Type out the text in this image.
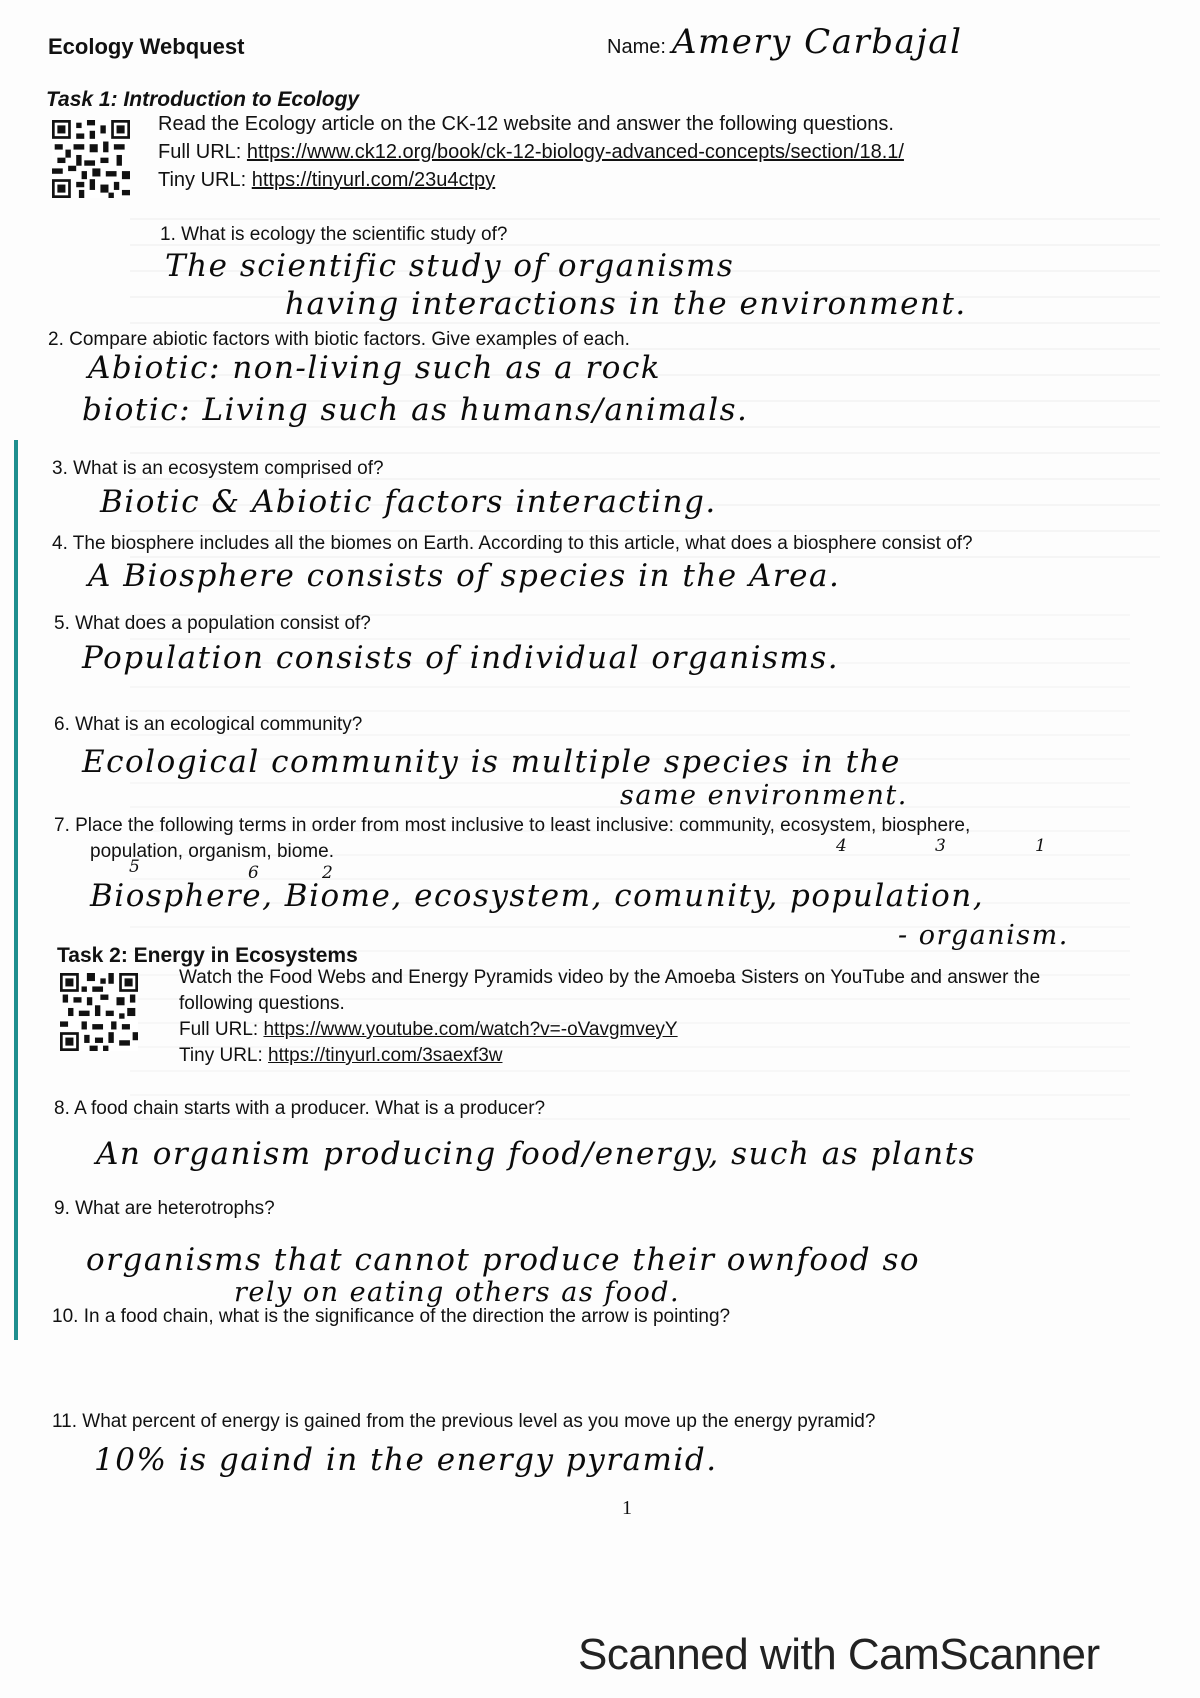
Ecology Webquest	Name: Amery Carbajal
Task 1: Introduction to Ecology
Read the Ecology article on the CK-12 website and answer the following questions.
Full URL: https://www.ck12.org/book/ck-12-biology-advanced-concepts/section/18.1/
Tiny URL: https://tinyurl.com/23u4ctpy
1. What is ecology the scientific study of?
The scientific study of organisms
having interactions in the environment.
2. Compare abiotic factors with biotic factors. Give examples of each.
Abiotic: non-living such as a rock
biotic: Living such as humans/animals.
3. What is an ecosystem comprised of?
Biotic & Abiotic factors interacting.
4. The biosphere includes all the biomes on Earth. According to this article, what does a biosphere consist of?
A Biosphere consists of species in the Area.
5. What does a population consist of?
Population consists of individual organisms.
6. What is an ecological community?
Ecological community is multiple species in the
same environment.
7. Place the following terms in order from most inclusive to least inclusive: community, ecosystem, biosphere,
population, organism, biome.
5	6	2
4	3	1
Biosphere, Biome, ecosystem, comunity, population,
- organism.
Task 2: Energy in Ecosystems
Watch the Food Webs and Energy Pyramids video by the Amoeba Sisters on YouTube and answer the
following questions.
Full URL: https://www.youtube.com/watch?v=-oVavgmveyY
Tiny URL: https://tinyurl.com/3saexf3w
8. A food chain starts with a producer. What is a producer?
An organism producing food/energy, such as plants
9. What are heterotrophs?
organisms that cannot produce their ownfood so
rely on eating others as food.
10. In a food chain, what is the significance of the direction the arrow is pointing?
11. What percent of energy is gained from the previous level as you move up the energy pyramid?
10% is gaind in the energy pyramid.
1
Scanned with CamScanner
